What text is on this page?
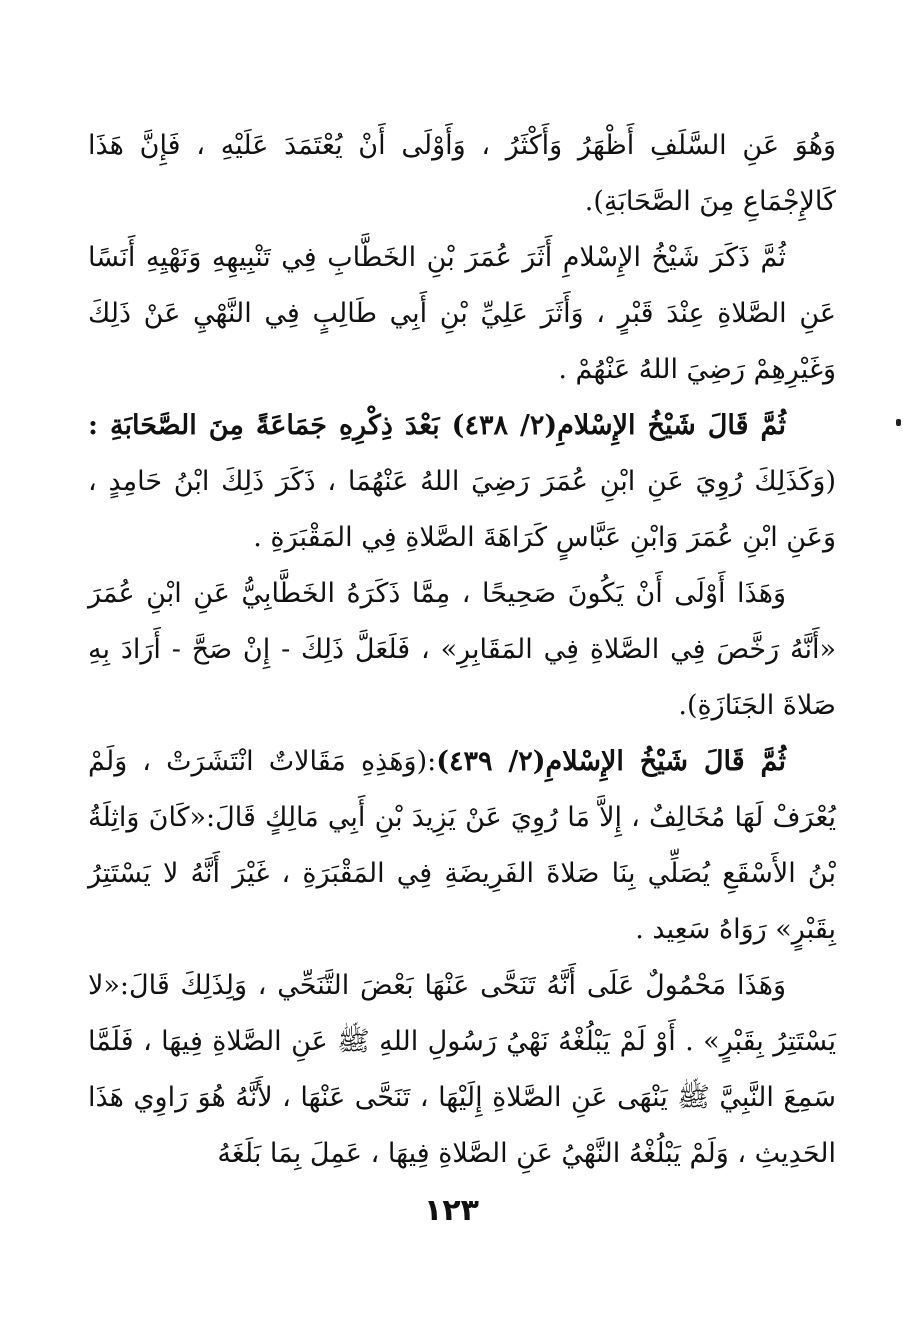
وَهُوَ عَنِ السَّلَفِ أَظْهَرُ وَأَكْثَرُ ، وَأَوْلَى أَنْ يُعْتَمَدَ عَلَيْهِ ، فَإِنَّ هَذَا كَالإِجْمَاعِ مِنَ الصَّحَابَةِ).

ثُمَّ ذَكَرَ شَيْخُ الإِسْلامِ أَثَرَ عُمَرَ بْنِ الخَطَّابِ فِي تَنْبِيهِهِ وَنَهْيِهِ أَنَسًا عَنِ الصَّلاةِ عِنْدَ قَبْرٍ ، وَأَثَرَ عَلِيِّ بْنِ أَبِي طَالِبٍ فِي النَّهْيِ عَنْ ذَلِكَ وَغَيْرِهِمْ رَضِيَ اللهُ عَنْهُمْ .

ثُمَّ قَالَ شَيْخُ الإِسْلامِ(٢/ ٤٣٨) بَعْدَ ذِكْرِهِ جَمَاعَةً مِنَ الصَّحَابَةِ : (وَكَذَلِكَ رُوِيَ عَنِ ابْنِ عُمَرَ رَضِيَ اللهُ عَنْهُمَا ، ذَكَرَ ذَلِكَ ابْنُ حَامِدٍ ، وَعَنِ ابْنِ عُمَرَ وَابْنِ عَبَّاسٍ كَرَاهَةَ الصَّلاةِ فِي المَقْبَرَةِ .

وَهَذَا أَوْلَى أَنْ يَكُونَ صَحِيحًا ، مِمَّا ذَكَرَهُ الخَطَّابِيُّ عَنِ ابْنِ عُمَرَ «أَنَّهُ رَخَّصَ فِي الصَّلاةِ فِي المَقَابِرِ» ، فَلَعَلَّ ذَلِكَ - إِنْ صَحَّ - أَرَادَ بِهِ صَلاةَ الجَنَازَةِ).

ثُمَّ قَالَ شَيْخُ الإِسْلامِ(٢/ ٤٣٩):(وَهَذِهِ مَقَالاتٌ انْتَشَرَتْ ، وَلَمْ يُعْرَفْ لَهَا مُخَالِفٌ ، إِلاَّ مَا رُوِيَ عَنْ يَزِيدَ بْنِ أَبِي مَالِكٍ قَالَ:«كَانَ وَاثِلَةُ بْنُ الأَسْقَعِ يُصَلِّي بِنَا صَلاةَ الفَرِيضَةِ فِي المَقْبَرَةِ ، غَيْرَ أَنَّهُ لا يَسْتَتِرُ بِقَبْرٍ» رَوَاهُ سَعِيد .

وَهَذَا مَحْمُولٌ عَلَى أَنَّهُ تَنَحَّى عَنْهَا بَعْضَ التَّنَحِّي ، وَلِذَلِكَ قَالَ:«لا يَسْتَتِرُ بِقَبْرٍ» . أَوْ لَمْ يَبْلُغْهُ نَهْيُ رَسُولِ اللهِ ﷺ عَنِ الصَّلاةِ فِيهَا ، فَلَمَّا سَمِعَ النَّبِيَّ ﷺ يَنْهَى عَنِ الصَّلاةِ إِلَيْهَا ، تَنَحَّى عَنْهَا ، لأَنَّهُ هُوَ رَاوِي هَذَا الحَدِيثِ ، وَلَمْ يَبْلُغْهُ النَّهْيُ عَنِ الصَّلاةِ فِيهَا ، عَمِلَ بِمَا بَلَغَهُ

١٢٣
